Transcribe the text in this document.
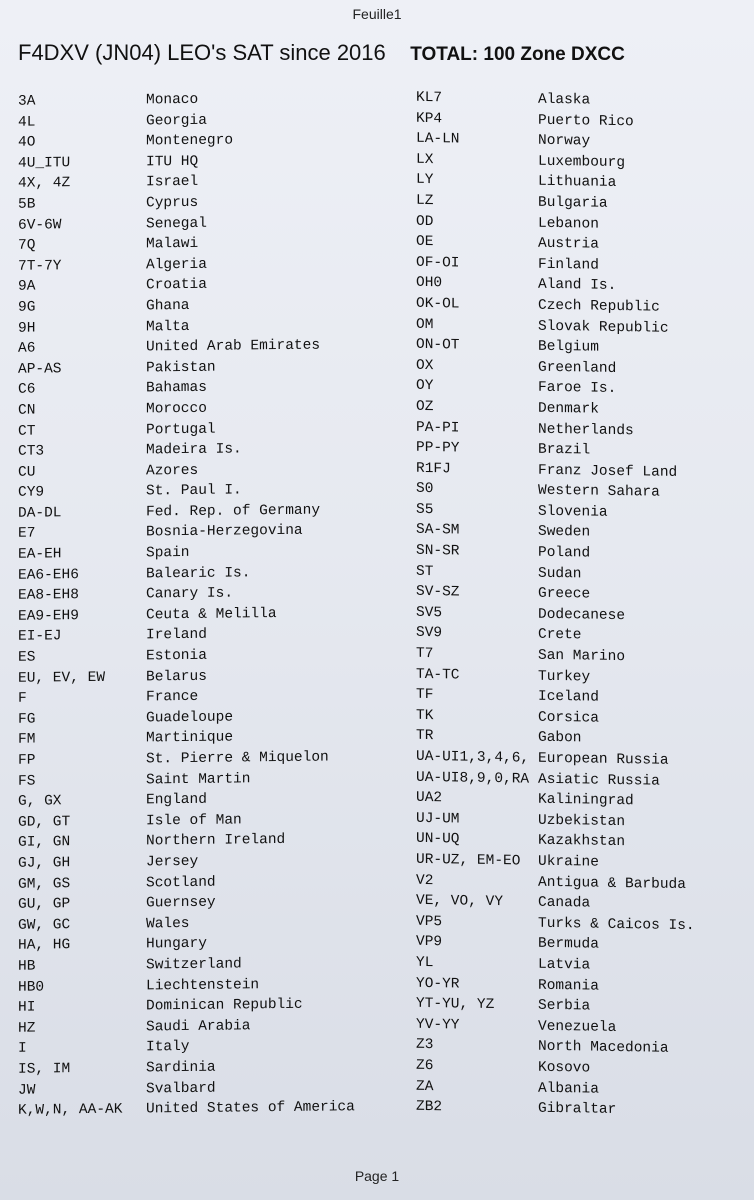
Feuille1
F4DXV (JN04) LEO's SAT since 2016 TOTAL: 100 Zone DXCC
3A	Monaco
4L	Georgia
4O	Montenegro
4U_ITU	ITU HQ
4X, 4Z	Israel
5B	Cyprus
6V-6W	Senegal
7Q	Malawi
7T-7Y	Algeria
9A	Croatia
9G	Ghana
9H	Malta
A6	United Arab Emirates
AP-AS	Pakistan
C6	Bahamas
CN	Morocco
CT	Portugal
CT3	Madeira Is.
CU	Azores
CY9	St. Paul I.
DA-DL	Fed. Rep. of Germany
E7	Bosnia-Herzegovina
EA-EH	Spain
EA6-EH6	Balearic Is.
EA8-EH8	Canary Is.
EA9-EH9	Ceuta & Melilla
EI-EJ	Ireland
ES	Estonia
EU, EV, EW	Belarus
F	France
FG	Guadeloupe
FM	Martinique
FP	St. Pierre & Miquelon
FS	Saint Martin
G, GX	England
GD, GT	Isle of Man
GI, GN	Northern Ireland
GJ, GH	Jersey
GM, GS	Scotland
GU, GP	Guernsey
GW, GC	Wales
HA, HG	Hungary
HB	Switzerland
HB0	Liechtenstein
HI	Dominican Republic
HZ	Saudi Arabia
I	Italy
IS, IM	Sardinia
JW	Svalbard
K,W,N, AA-AK	United States of America
KL7	Alaska
KP4	Puerto Rico
LA-LN	Norway
LX	Luxembourg
LY	Lithuania
LZ	Bulgaria
OD	Lebanon
OE	Austria
OF-OI	Finland
OH0	Aland Is.
OK-OL	Czech Republic
OM	Slovak Republic
ON-OT	Belgium
OX	Greenland
OY	Faroe Is.
OZ	Denmark
PA-PI	Netherlands
PP-PY	Brazil
R1FJ	Franz Josef Land
S0	Western Sahara
S5	Slovenia
SA-SM	Sweden
SN-SR	Poland
ST	Sudan
SV-SZ	Greece
SV5	Dodecanese
SV9	Crete
T7	San Marino
TA-TC	Turkey
TF	Iceland
TK	Corsica
TR	Gabon
UA-UI1,3,4,6, European Russia
UA-UI8,9,0,RA Asiatic Russia
UA2	Kaliningrad
UJ-UM	Uzbekistan
UN-UQ	Kazakhstan
UR-UZ, EM-EO	Ukraine
V2	Antigua & Barbuda
VE, VO, VY	Canada
VP5	Turks & Caicos Is.
VP9	Bermuda
YL	Latvia
YO-YR	Romania
YT-YU, YZ	Serbia
YV-YY	Venezuela
Z3	North Macedonia
Z6	Kosovo
ZA	Albania
ZB2	Gibraltar
Page 1
